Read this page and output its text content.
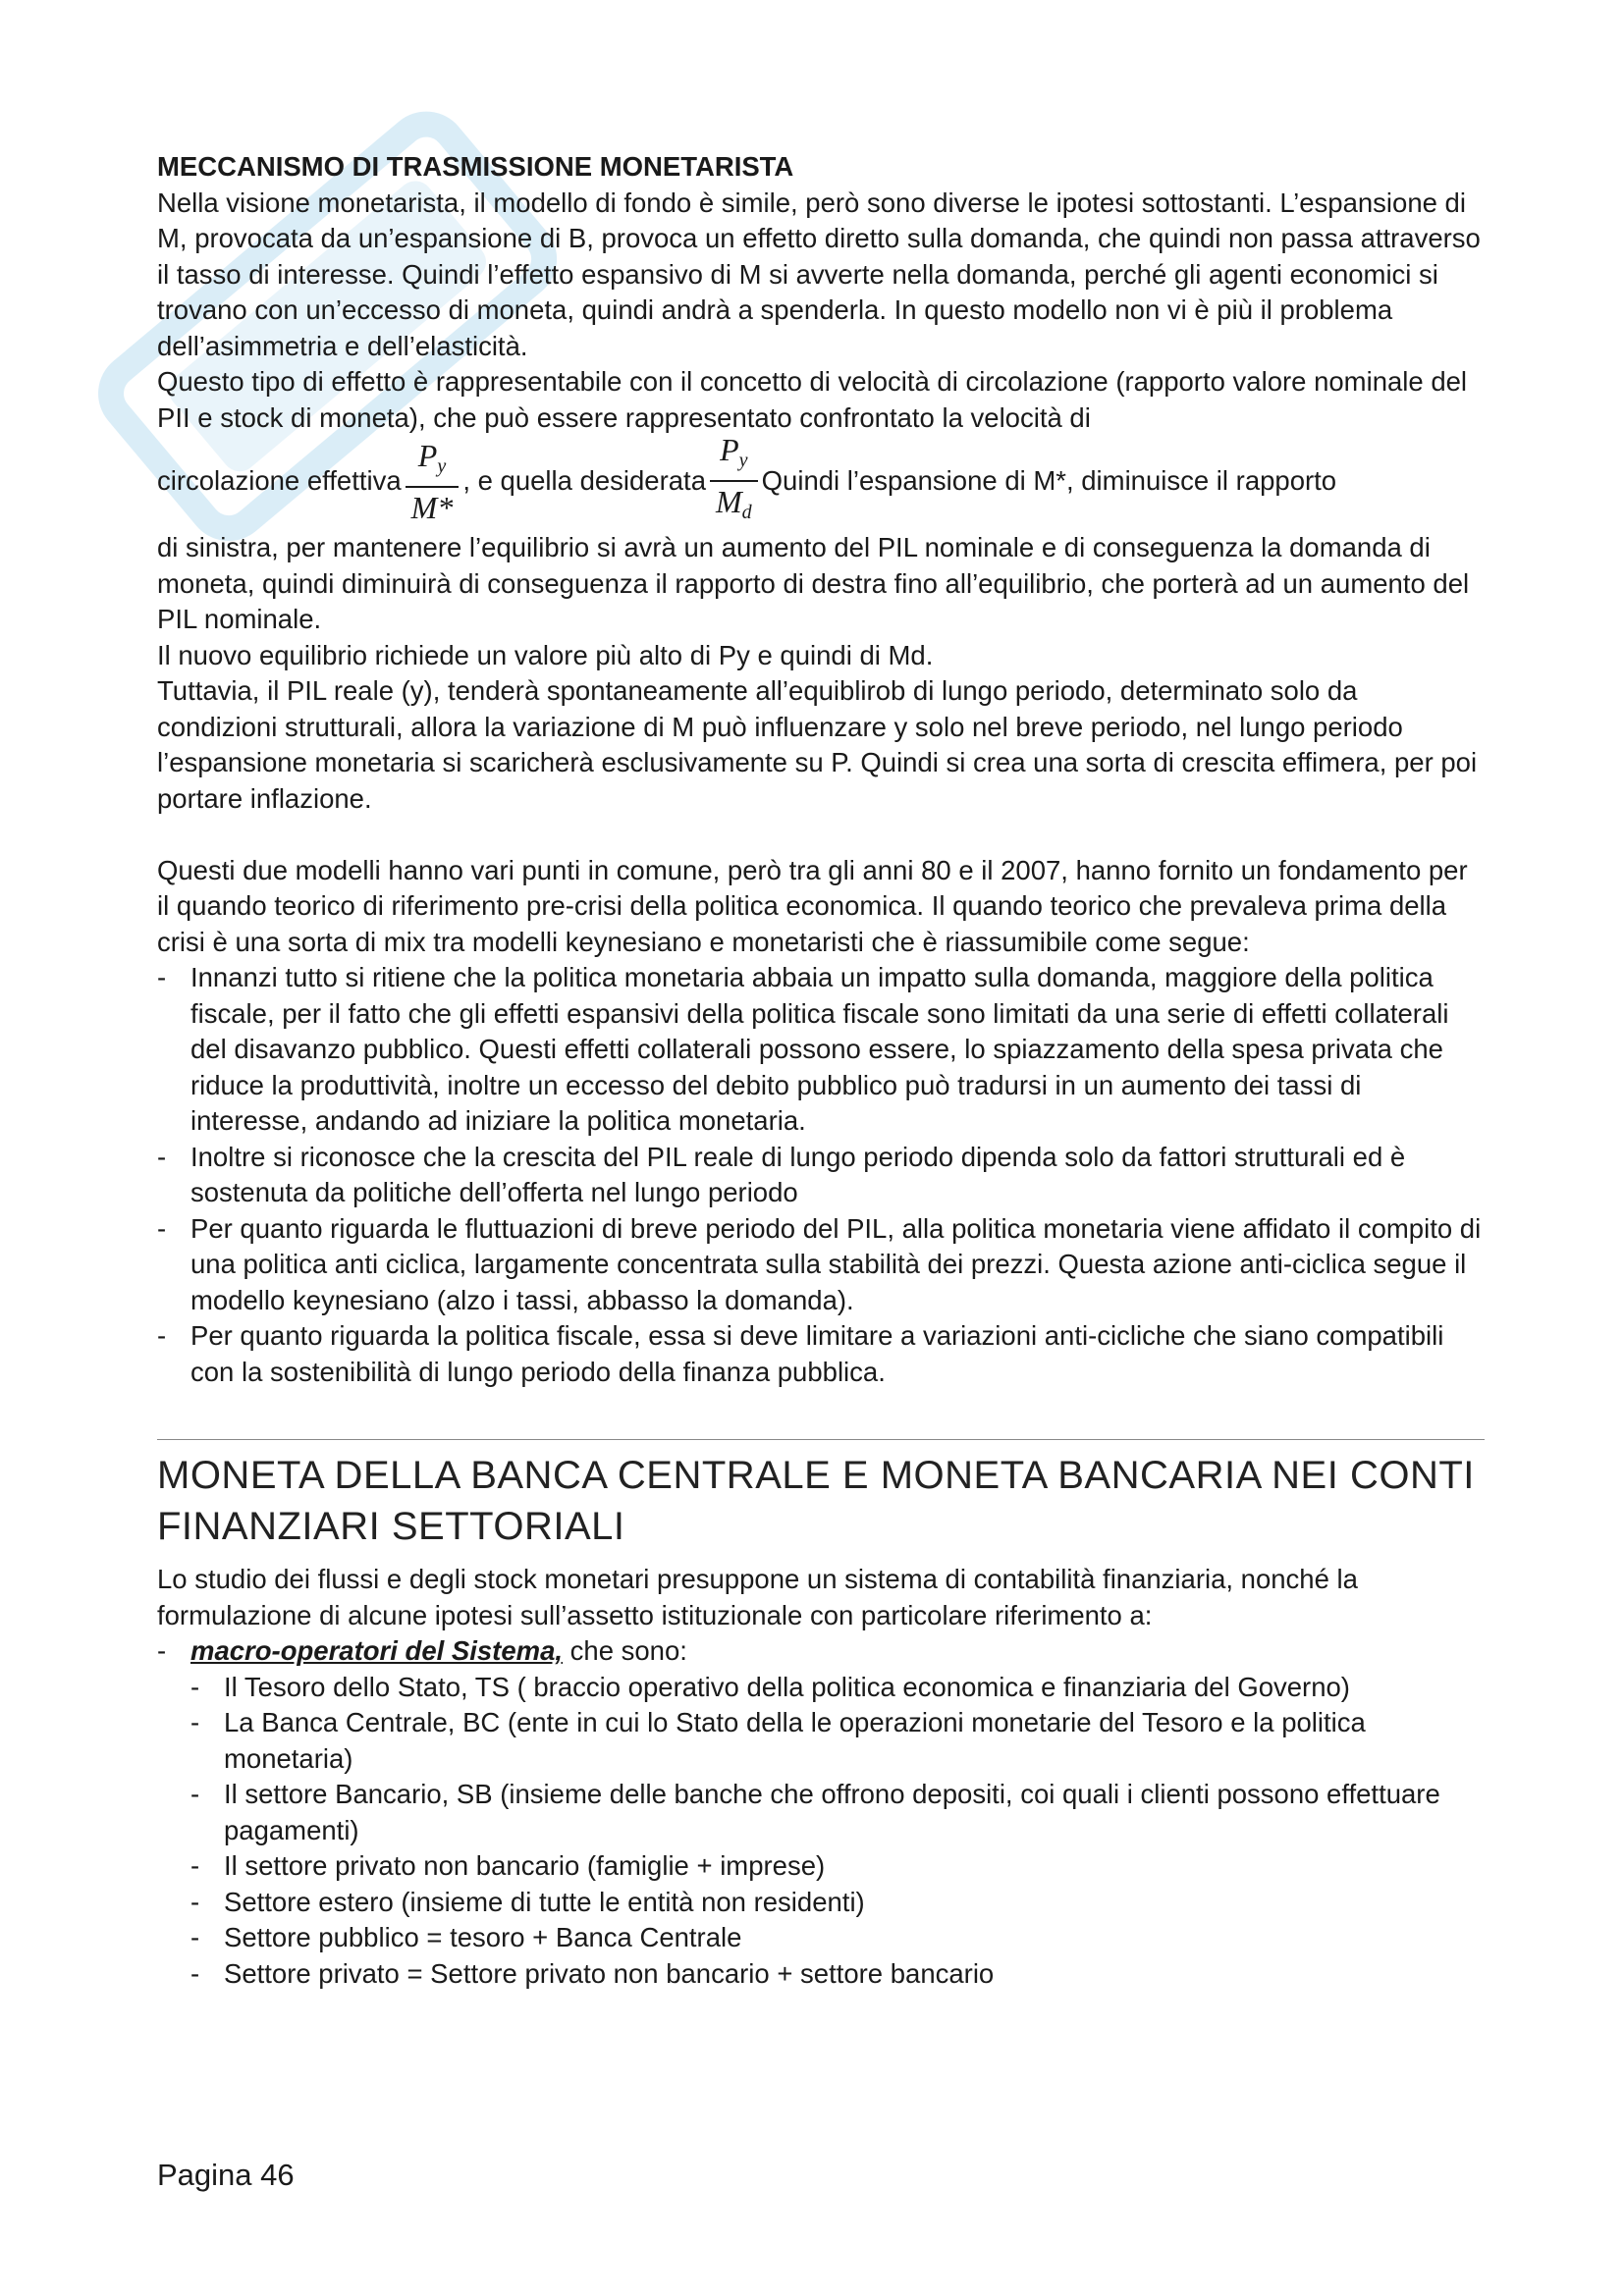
MECCANISMO DI TRASMISSIONE MONETARISTA

Nella visione monetarista, il modello di fondo è simile, però sono diverse le ipotesi sottostanti. L’espansione di M, provocata da un’espansione di B, provoca un effetto diretto sulla domanda, che quindi non passa attraverso il tasso di interesse. Quindi l’effetto espansivo di M si avverte nella domanda, perché gli agenti economici si trovano con un’eccesso di moneta, quindi andrà a spenderla. In questo modello non vi è più il problema dell’asimmetria e dell’elasticità.

Questo tipo di effetto è rappresentabile con il concetto di velocità di circolazione (rapporto valore nominale del PII e stock di moneta), che può essere rappresentato confrontato la velocità di

circolazione effettiva $\frac{P_y}{M*}$ , e quella desiderata $\frac{P_y}{M_d}$ Quindi l’espansione di M*, diminuisce il rapporto

di sinistra, per mantenere l’equilibrio si avrà un aumento del PIL nominale e di conseguenza la domanda di moneta, quindi diminuirà di conseguenza il rapporto di destra fino all’equilibrio, che porterà ad un aumento del PIL nominale.

Il nuovo equilibrio richiede un valore più alto di Py e quindi di Md.

Tuttavia, il PIL reale (y), tenderà spontaneamente all’equiblirob di lungo periodo, determinato solo da condizioni strutturali, allora la variazione di M può influenzare y solo nel breve periodo, nel lungo periodo l’espansione monetaria si scaricherà esclusivamente su P. Quindi si crea una sorta di crescita effimera, per poi portare inflazione.

Questi due modelli hanno vari punti in comune, però tra gli anni 80 e il 2007, hanno fornito un fondamento per il quando teorico di riferimento pre-crisi della politica economica. Il quando teorico che prevaleva prima della crisi è una sorta di mix tra modelli keynesiano e monetaristi che è riassumibile come segue:

- Innanzi tutto si ritiene che la politica monetaria abbaia un impatto sulla domanda, maggiore della politica fiscale, per il fatto che gli effetti espansivi della politica fiscale sono limitati da una serie di effetti collaterali del disavanzo pubblico. Questi effetti collaterali possono essere, lo spiazzamento della spesa privata che riduce la produttività, inoltre un eccesso del debito pubblico può tradursi in un aumento dei tassi di interesse, andando ad iniziare la politica monetaria.
- Inoltre si riconosce che la crescita del PIL reale di lungo periodo dipenda solo da fattori strutturali ed è sostenuta da politiche dell’offerta nel lungo periodo
- Per quanto riguarda le fluttuazioni di breve periodo del PIL, alla politica monetaria viene affidato il compito di una politica anti ciclica, largamente concentrata sulla stabilità dei prezzi. Questa azione anti-ciclica segue il modello keynesiano (alzo i tassi, abbasso la domanda).
- Per quanto riguarda la politica fiscale, essa si deve limitare a variazioni anti-cicliche che siano compatibili con la sostenibilità di lungo periodo della finanza pubblica.
MONETA DELLA BANCA CENTRALE E MONETA BANCARIA NEI CONTI FINANZIARI SETTORIALI

Lo studio dei flussi e degli stock monetari presuppone un sistema di contabilità finanziaria, nonché la formulazione di alcune ipotesi sull’assetto istituzionale con particolare riferimento a:

- macro-operatori del Sistema, che sono:
- Il Tesoro dello Stato, TS ( braccio operativo della politica economica e finanziaria del Governo)
- La Banca Centrale, BC (ente in cui lo Stato della le operazioni monetarie del Tesoro e la politica monetaria)
- Il settore Bancario, SB (insieme delle banche che offrono depositi, coi quali i clienti possono effettuare pagamenti)
- Il settore privato non bancario (famiglie + imprese)
- Settore estero (insieme di tutte le entità non residenti)
- Settore pubblico = tesoro + Banca Centrale
- Settore privato = Settore privato non bancario + settore bancario
Pagina 46
